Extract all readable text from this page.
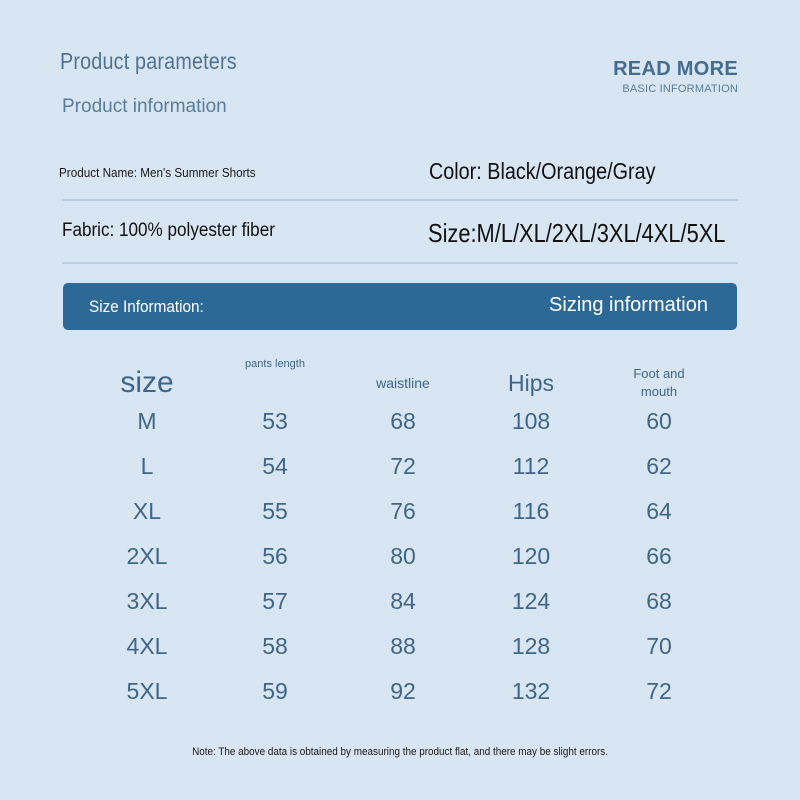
Product parameters
Product information
READ MORE
BASIC INFORMATION
Product Name: Men's Summer Shorts	Color: Black/Orange/Gray
Fabric: 100% polyester fiber	Size:M/L/XL/2XL/3XL/4XL/5XL
Size Information:	Sizing information
size	pants length	waistline	Hips	Foot and
mouth
M	53	68	108	60
L	54	72	112	62
XL	55	76	116	64
2XL	56	80	120	66
3XL	57	84	124	68
4XL	58	88	128	70
5XL	59	92	132	72
Note: The above data is obtained by measuring the product flat, and there may be slight errors.
